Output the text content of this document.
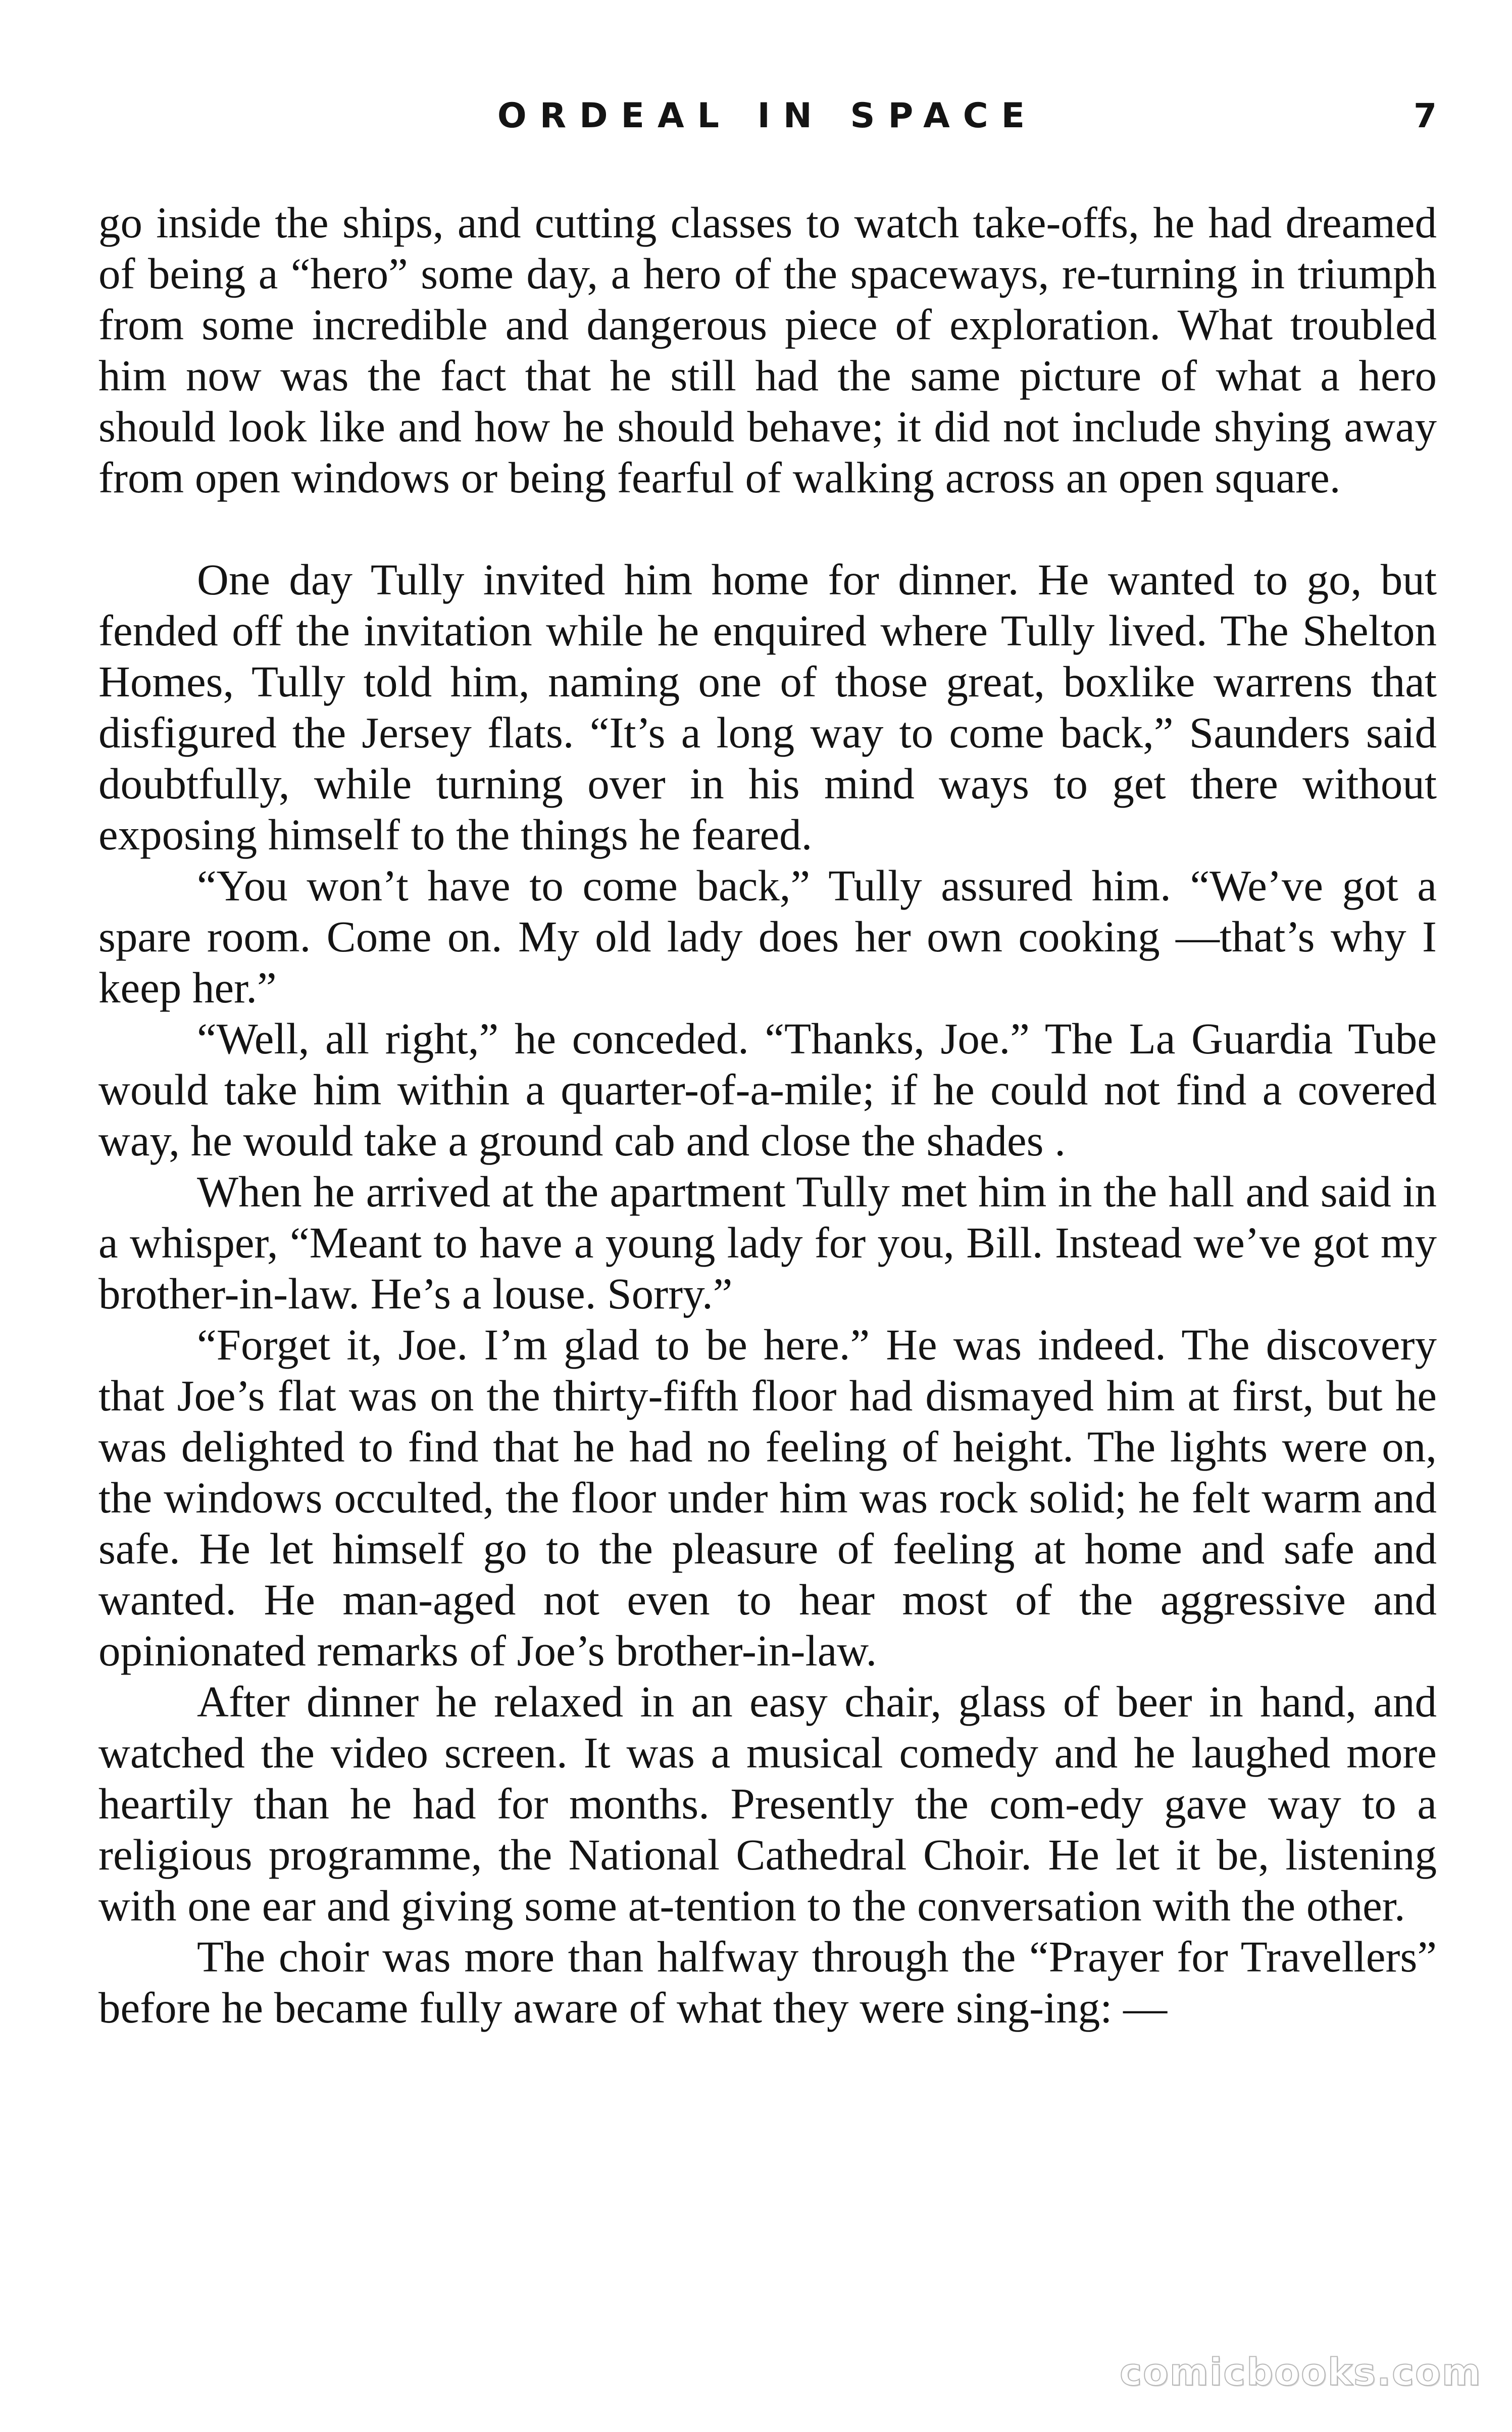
ORDEAL IN SPACE	7

go inside the ships, and cutting classes to watch take-offs, he had dreamed of being a “hero” some day, a hero of the spaceways, re-turning in triumph from some incredible and dangerous piece of exploration. What troubled him now was the fact that he still had the same picture of what a hero should look like and how he should behave; it did not include shying away from open windows or being fearful of walking across an open square.

One day Tully invited him home for dinner. He wanted to go, but fended off the invitation while he enquired where Tully lived. The Shelton Homes, Tully told him, naming one of those great, boxlike warrens that disfigured the Jersey flats. “It’s a long way to come back,” Saunders said doubtfully, while turning over in his mind ways to get there without exposing himself to the things he feared.

“You won’t have to come back,” Tully assured him. “We’ve got a spare room. Come on. My old lady does her own cooking —that’s why I keep her.”

“Well, all right,” he conceded. “Thanks, Joe.” The La Guardia Tube would take him within a quarter-of-a-mile; if he could not find a covered way, he would take a ground cab and close the shades .

When he arrived at the apartment Tully met him in the hall and said in a whisper, “Meant to have a young lady for you, Bill. Instead we’ve got my brother-in-law. He’s a louse. Sorry.”

“Forget it, Joe. I’m glad to be here.” He was indeed. The discovery that Joe’s flat was on the thirty-fifth floor had dismayed him at first, but he was delighted to find that he had no feeling of height. The lights were on, the windows occulted, the floor under him was rock solid; he felt warm and safe. He let himself go to the pleasure of feeling at home and safe and wanted. He man-aged not even to hear most of the aggressive and opinionated remarks of Joe’s brother-in-law.

After dinner he relaxed in an easy chair, glass of beer in hand, and watched the video screen. It was a musical comedy and he laughed more heartily than he had for months. Presently the com-edy gave way to a religious programme, the National Cathedral Choir. He let it be, listening with one ear and giving some at-tention to the conversation with the other.

The choir was more than halfway through the “Prayer for Travellers” before he became fully aware of what they were sing-ing: —

comicbooks.com
